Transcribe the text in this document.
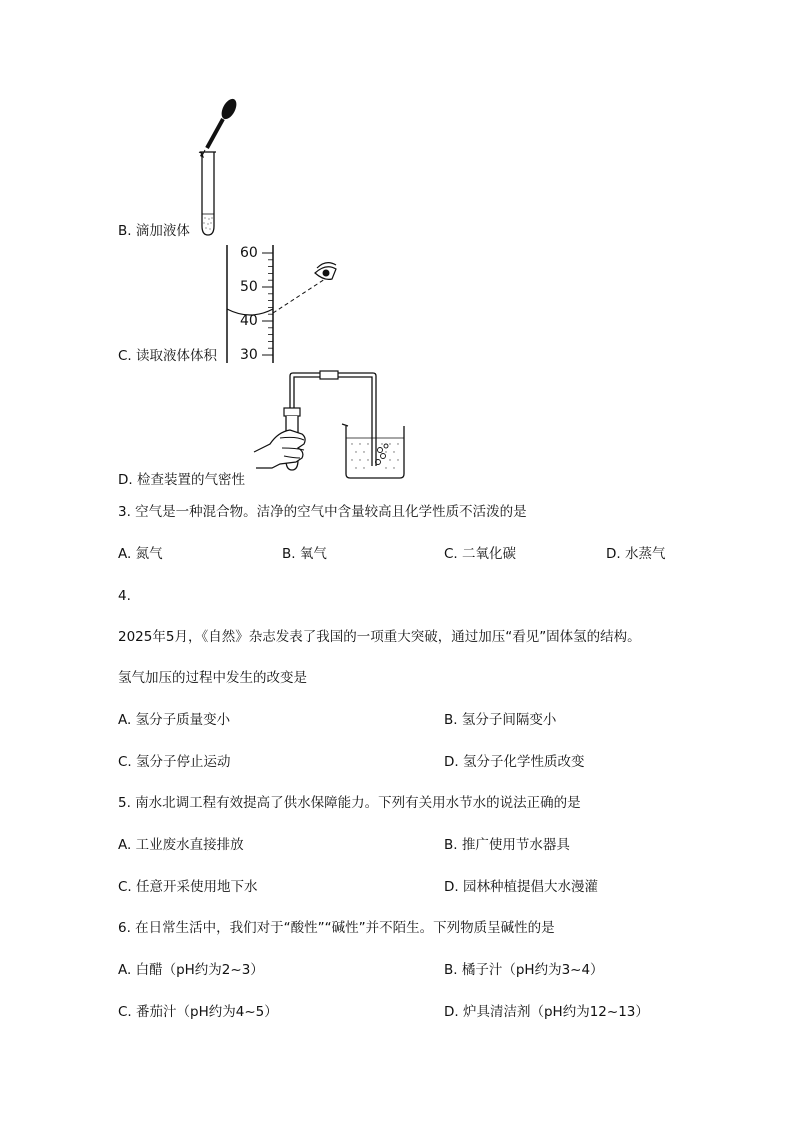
B. 滴加液体
60
50
40
30
C. 读取液体体积
D. 检查装置的气密性
3. 空气是一种混合物。洁净的空气中含量较高且化学性质不活泼的是
A. 氮气	B. 氧气	C. 二氧化碳	D. 水蒸气
4.
2025年5月，《自然》杂志发表了我国的一项重大突破，通过加压“看见”固体氢的结构。
氢气加压的过程中发生的改变是
A. 氢分子质量变小	B. 氢分子间隔变小
C. 氢分子停止运动	D. 氢分子化学性质改变
5. 南水北调工程有效提高了供水保障能力。下列有关用水节水的说法正确的是
A. 工业废水直接排放	B. 推广使用节水器具
C. 任意开采使用地下水	D. 园林种植提倡大水漫灌
6. 在日常生活中，我们对于“酸性”“碱性”并不陌生。下列物质呈碱性的是
A. 白醋（pH约为2~3）	B. 橘子汁（pH约为3~4）
C. 番茄汁（pH约为4~5）	D. 炉具清洁剂（pH约为12~13）
